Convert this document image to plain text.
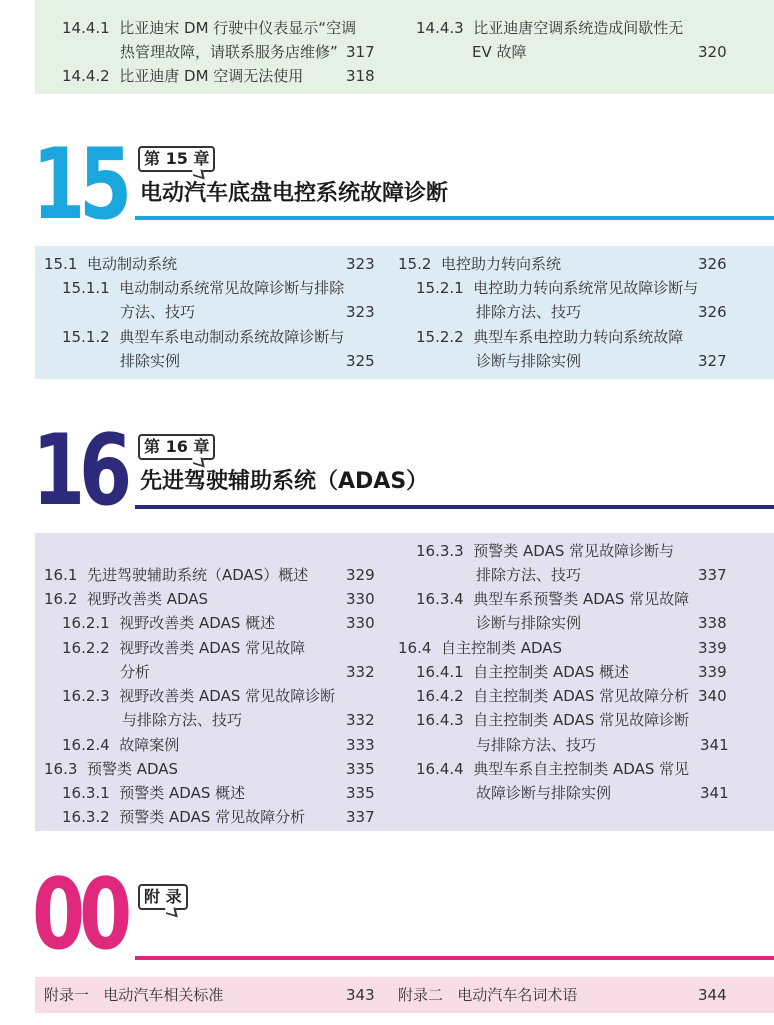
14.4.1 比亚迪宋 DM 行驶中仪表显示“空调
热管理故障，请联系服务店维修” 317
14.4.2 比亚迪唐 DM 空调无法使用	318
14.4.3 比亚迪唐空调系统造成间歇性无
EV 故障	320
15	第 15 章
电动汽车底盘电控系统故障诊断
15.1 电动制动系统	323
15.1.1 电动制动系统常见故障诊断与排除
方法、技巧	323
15.1.2 典型车系电动制动系统故障诊断与
排除实例	325
15.2 电控助力转向系统	326
15.2.1 电控助力转向系统常见故障诊断与
排除方法、技巧	326
15.2.2 典型车系电控助力转向系统故障
诊断与排除实例	327
16	第 16 章
先进驾驶辅助系统（ADAS）
16.1 先进驾驶辅助系统（ADAS）概述	329
16.2 视野改善类 ADAS	330
16.2.1 视野改善类 ADAS 概述	330
16.2.2 视野改善类 ADAS 常见故障
分析	332
16.2.3 视野改善类 ADAS 常见故障诊断
与排除方法、技巧	332
16.2.4 故障案例	333
16.3 预警类 ADAS	335
16.3.1 预警类 ADAS 概述	335
16.3.2 预警类 ADAS 常见故障分析	337
16.3.3 预警类 ADAS 常见故障诊断与
排除方法、技巧	337
16.3.4 典型车系预警类 ADAS 常见故障
诊断与排除实例	338
16.4 自主控制类 ADAS	339
16.4.1 自主控制类 ADAS 概述	339
16.4.2 自主控制类 ADAS 常见故障分析 340
16.4.3 自主控制类 ADAS 常见故障诊断
与排除方法、技巧	341
16.4.4 典型车系自主控制类 ADAS 常见
故障诊断与排除实例	341
00	附 录
附录一 电动汽车相关标准	343 附录二 电动汽车名词术语	344
